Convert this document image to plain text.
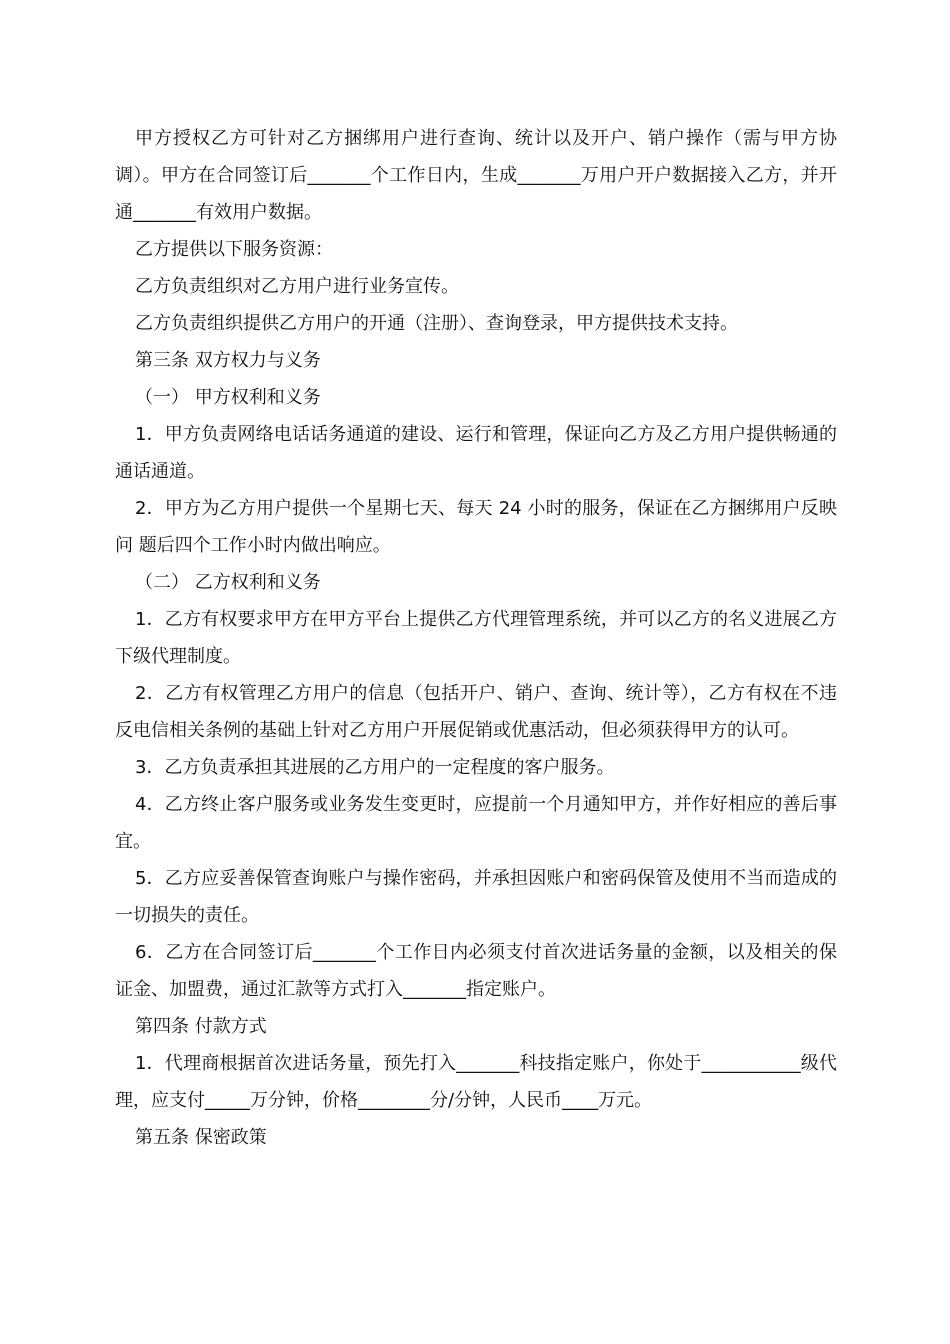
甲方授权乙方可针对乙方捆绑用户进行查询、统计以及开户、销户操作（需与甲方协调）。甲方在合同签订后_______个工作日内，生成_______万用户开户数据接入乙方，并开通_______有效用户数据。

乙方提供以下服务资源：

乙方负责组织对乙方用户进行业务宣传。

乙方负责组织提供乙方用户的开通（注册）、查询登录，甲方提供技术支持。

第三条 双方权力与义务

（一） 甲方权利和义务

1．甲方负责网络电话话务通道的建设、运行和管理，保证向乙方及乙方用户提供畅通的通话通道。

2．甲方为乙方用户提供一个星期七天、每天 24 小时的服务，保证在乙方捆绑用户反映问 题后四个工作小时内做出响应。

（二） 乙方权利和义务

1．乙方有权要求甲方在甲方平台上提供乙方代理管理系统，并可以乙方的名义进展乙方下级代理制度。

2．乙方有权管理乙方用户的信息（包括开户、销户、查询、统计等），乙方有权在不违反电信相关条例的基础上针对乙方用户开展促销或优惠活动，但必须获得甲方的认可。

3．乙方负责承担其进展的乙方用户的一定程度的客户服务。

4．乙方终止客户服务或业务发生变更时，应提前一个月通知甲方，并作好相应的善后事宜。

5．乙方应妥善保管查询账户与操作密码，并承担因账户和密码保管及使用不当而造成的一切损失的责任。

6．乙方在合同签订后_______个工作日内必须支付首次进话务量的金额，以及相关的保证金、加盟费，通过汇款等方式打入_______指定账户。

第四条 付款方式

1．代理商根据首次进话务量，预先打入_______科技指定账户，你处于___________级代理，应支付_____万分钟，价格________分/分钟，人民币____万元。

第五条 保密政策
